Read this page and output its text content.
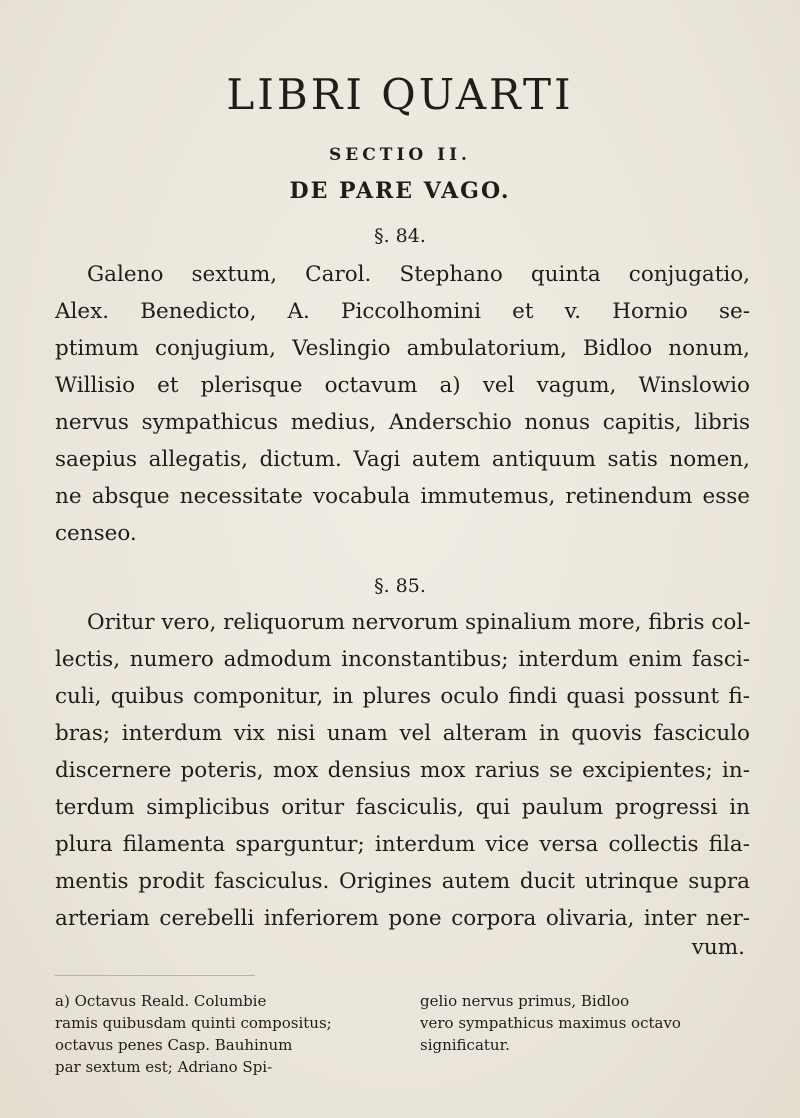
LIBRI QUARTI
SECTIO II.
DE PARE VAGO.

§. 84.

Galeno sextum, Carol. Stephano quinta conjugatio,
Alex. Benedicto, A. Piccolhomini et v. Hornio se-
ptimum conjugium, Veslingio ambulatorium, Bidloo nonum,
Willisio et plerisque octavum a) vel vagum, Winslowio
nervus sympathicus medius, Anderschio nonus capitis, libris
saepius allegatis, dictum. Vagi autem antiquum satis nomen,
ne absque necessitate vocabula immutemus, retinendum esse
censeo.

§. 85.

Oritur vero, reliquorum nervorum spinalium more, fibris col-
lectis, numero admodum inconstantibus; interdum enim fasci-
culi, quibus componitur, in plures oculo findi quasi possunt fi-
bras; interdum vix nisi unam vel alteram in quovis fasciculo
discernere poteris, mox densius mox rarius se excipientes; in-
terdum simplicibus oritur fasciculis, qui paulum progressi in
plura filamenta sparguntur; interdum vice versa collectis fila-
mentis prodit fasciculus. Origines autem ducit utrinque supra
arteriam cerebelli inferiorem pone corpora olivaria, inter ner-

vum.

a) Octavus Reald. Columbie
ramis quibusdam quinti compositus;
octavus penes Casp. Bauhinum
par sextum est; Adriano Spi-
gelio nervus primus, Bidloo
vero sympathicus maximus octavo
significatur.
